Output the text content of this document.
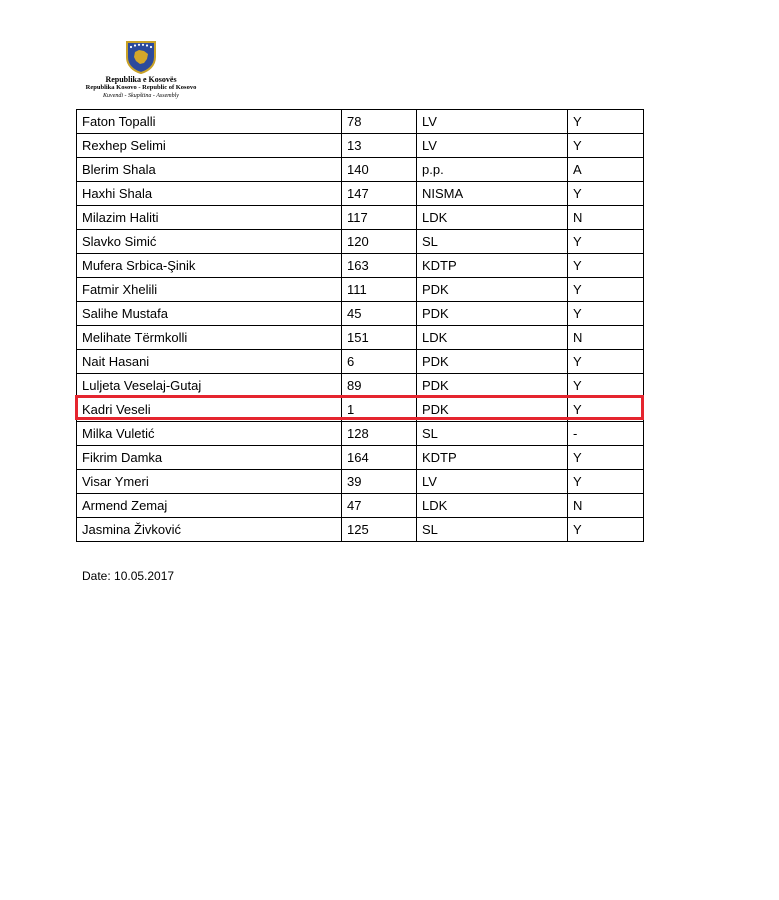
Republika e Kosovës
Republika Kosovo - Republic of Kosovo
Kuvendi - Skupština - Assembly
Faton Topalli	78	LV	Y
Rexhep Selimi	13	LV	Y
Blerim Shala	140	p.p.	A
Haxhi Shala	147	NISMA	Y
Milazim Haliti	117	LDK	N
Slavko Simić	120	SL	Y
Mufera Srbica-Şinik	163	KDTP	Y
Fatmir Xhelili	111	PDK	Y
Salihe Mustafa	45	PDK	Y
Melihate Tërmkolli	151	LDK	N
Nait Hasani	6	PDK	Y
Luljeta Veselaj-Gutaj	89	PDK	Y
Kadri Veseli	1	PDK	Y
Milka Vuletić	128	SL	-
Fikrim Damka	164	KDTP	Y
Visar Ymeri	39	LV	Y
Armend Zemaj	47	LDK	N
Jasmina Živković	125	SL	Y
Date: 10.05.2017
